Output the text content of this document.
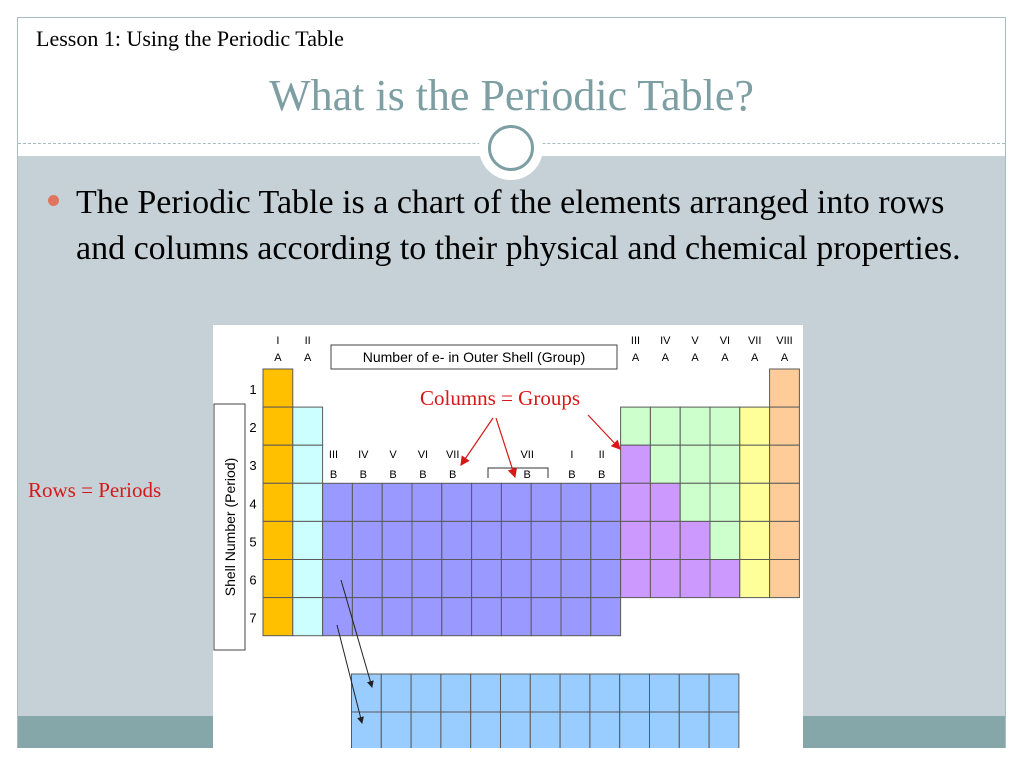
Lesson 1: Using the Periodic Table
What is the Periodic Table?
The Periodic Table is a chart of the elements arranged into rows and columns according to their physical and chemical properties.
Rows = Periods
1
2
3
4
5
6
7
I
A
II
A
III
A
IV
A
V
A
VI
A
VII
A
VIII
A
III
B
IV
B
V
B
VI
B
VII
B
VII
B
I
B
II
B
Number of e- in Outer Shell (Group)
Shell Number (Period)
Columns = Groups
